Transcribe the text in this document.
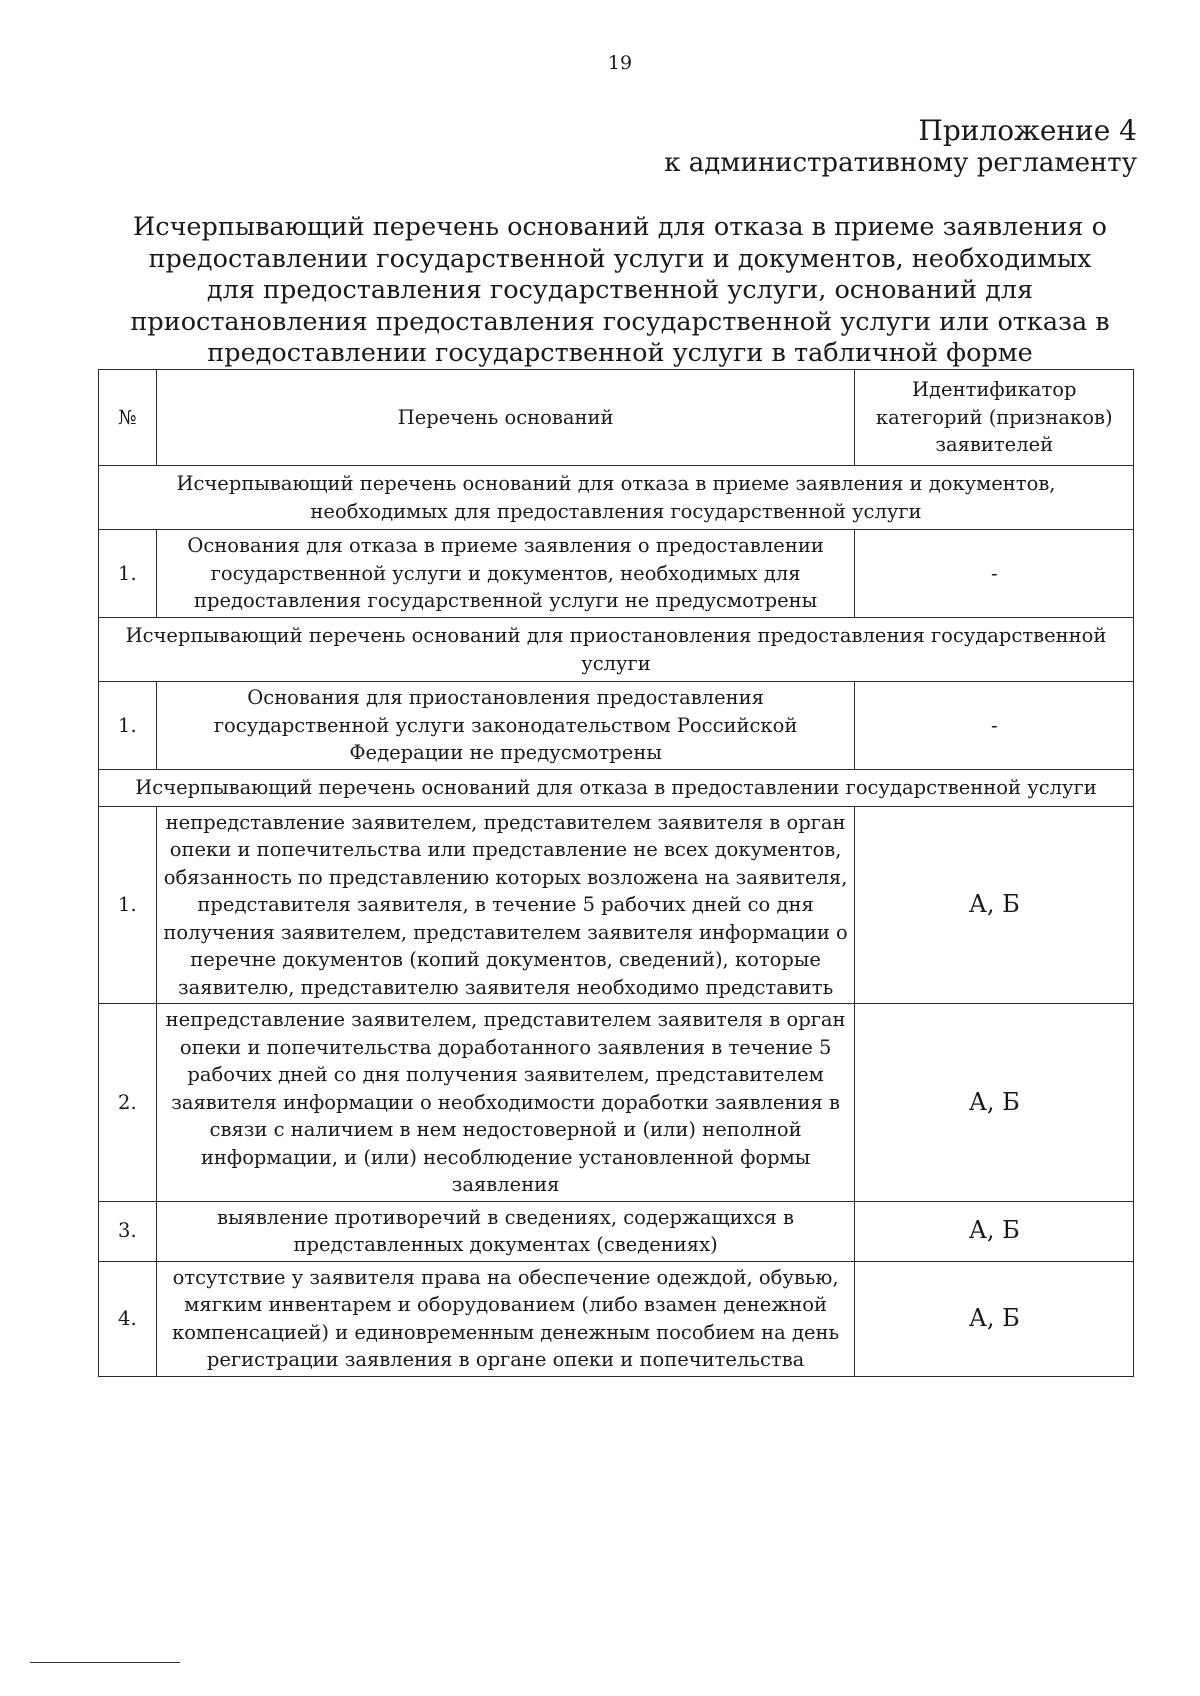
19
Приложение 4
к административному регламенту
Исчерпывающий перечень оснований для отказа в приеме заявления о предоставлении государственной услуги и документов, необходимых для предоставления государственной услуги, оснований для приостановления предоставления государственной услуги или отказа в предоставлении государственной услуги в табличной форме
№	Перечень оснований	Идентификатор категорий (признаков) заявителей
Исчерпывающий перечень оснований для отказа в приеме заявления и документов, необходимых для предоставления государственной услуги		
1.	Основания для отказа в приеме заявления о предоставлении государственной услуги и документов, необходимых для предоставления государственной услуги не предусмотрены	-
Исчерпывающий перечень оснований для приостановления предоставления государственной услуги		
1.	Основания для приостановления предоставления государственной услуги законодательством Российской Федерации не предусмотрены	-
Исчерпывающий перечень оснований для отказа в предоставлении государственной услуги		
1.	непредставление заявителем, представителем заявителя в орган опеки и попечительства или представление не всех документов, обязанность по представлению которых возложена на заявителя, представителя заявителя, в течение 5 рабочих дней со дня получения заявителем, представителем заявителя информации о перечне документов (копий документов, сведений), которые заявителю, представителю заявителя необходимо представить	А, Б
2.	непредставление заявителем, представителем заявителя в орган опеки и попечительства доработанного заявления в течение 5 рабочих дней со дня получения заявителем, представителем заявителя информации о необходимости доработки заявления в связи с наличием в нем недостоверной и (или) неполной информации, и (или) несоблюдение установленной формы заявления	А, Б
3.	выявление противоречий в сведениях, содержащихся в представленных документах (сведениях)	А, Б
4.	отсутствие у заявителя права на обеспечение одеждой, обувью, мягким инвентарем и оборудованием (либо взамен денежной компенсацией) и единовременным денежным пособием на день регистрации заявления в органе опеки и попечительства	А, Б
